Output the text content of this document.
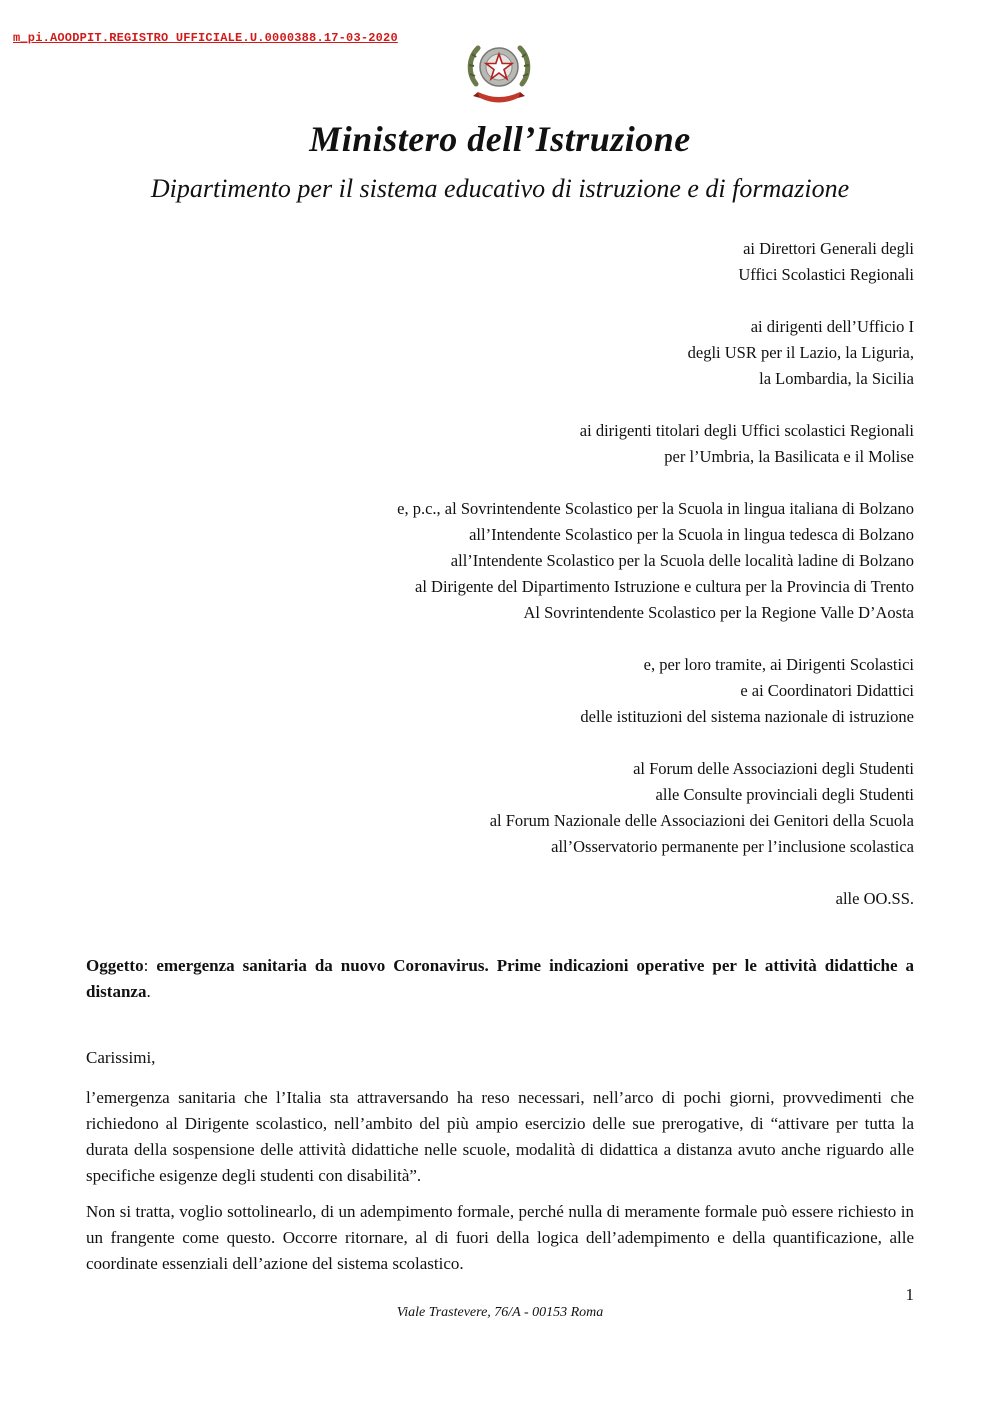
m_pi.AOODPIT.REGISTRO UFFICIALE.U.0000388.17-03-2020
Ministero dell’Istruzione
Dipartimento per il sistema educativo di istruzione e di formazione
ai Direttori Generali degli
Uffici Scolastici Regionali
ai dirigenti dell’Ufficio I
degli USR per il Lazio, la Liguria,
la Lombardia, la Sicilia
ai dirigenti titolari degli Uffici scolastici Regionali
per l’Umbria, la Basilicata e il Molise
e, p.c., al Sovrintendente Scolastico per la Scuola in lingua italiana di Bolzano
all’Intendente Scolastico per la Scuola in lingua tedesca di Bolzano
all’Intendente Scolastico per la Scuola delle località ladine di Bolzano
al Dirigente del Dipartimento Istruzione e cultura per la Provincia di Trento
Al Sovrintendente Scolastico per la Regione Valle D’Aosta
e, per loro tramite, ai Dirigenti Scolastici
e ai Coordinatori Didattici
delle istituzioni del sistema nazionale di istruzione
al Forum delle Associazioni degli Studenti
alle Consulte provinciali degli Studenti
al Forum Nazionale delle Associazioni dei Genitori della Scuola
all’Osservatorio permanente per l’inclusione scolastica
alle OO.SS.
Oggetto: emergenza sanitaria da nuovo Coronavirus. Prime indicazioni operative per le attività didattiche a distanza.

Carissimi,

l’emergenza sanitaria che l’Italia sta attraversando ha reso necessari, nell’arco di pochi giorni, provvedimenti che richiedono al Dirigente scolastico, nell’ambito del più ampio esercizio delle sue prerogative, di “attivare per tutta la durata della sospensione delle attività didattiche nelle scuole, modalità di didattica a distanza avuto anche riguardo alle specifiche esigenze degli studenti con disabilità”.

Non si tratta, voglio sottolinearlo, di un adempimento formale, perché nulla di meramente formale può essere richiesto in un frangente come questo. Occorre ritornare, al di fuori della logica dell’adempimento e della quantificazione, alle coordinate essenziali dell’azione del sistema scolastico.

1
Viale Trastevere, 76/A - 00153 Roma
